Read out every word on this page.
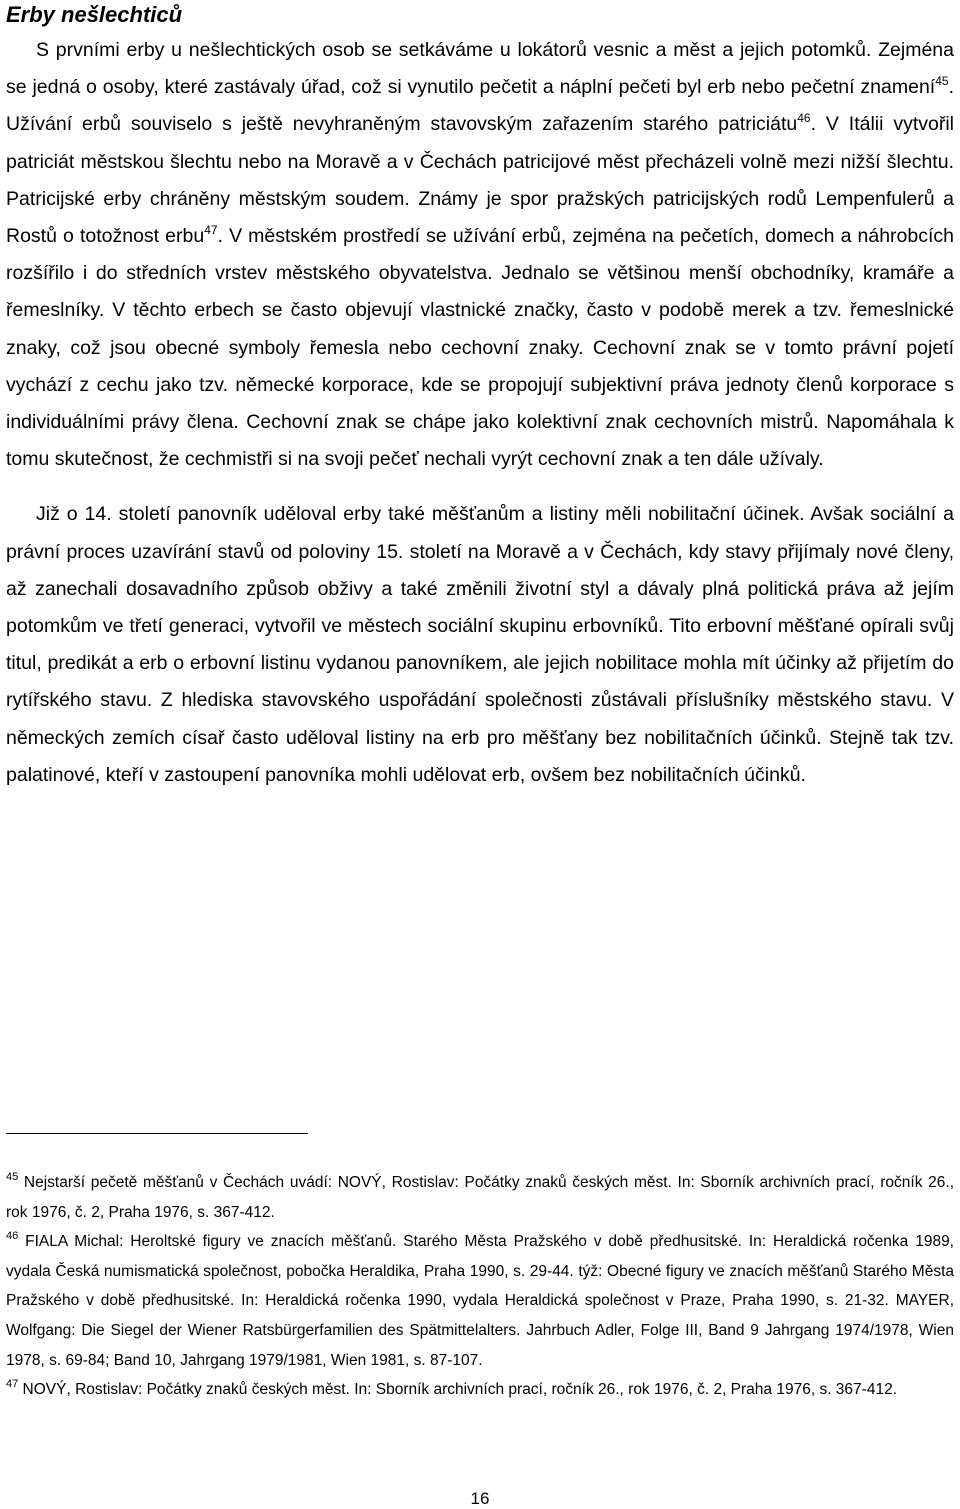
Erby nešlechticů

S prvními erby u nešlechtických osob se setkáváme u lokátorů vesnic a měst a jejich potomků. Zejména se jedná o osoby, které zastávaly úřad, což si vynutilo pečetit a náplní pečeti byl erb nebo pečetní znamení$^{45}$. Užívání erbů souviselo s ještě nevyhraněným stavovským zařazením starého patriciátu$^{46}$. V Itálii vytvořil patriciát městskou šlechtu nebo na Moravě a v Čechách patricijové měst přecházeli volně mezi nižší šlechtu. Patricijské erby chráněny městským soudem. Známy je spor pražských patricijských rodů Lempenfulerů a Rostů o totožnost erbu$^{47}$. V městském prostředí se užívání erbů, zejména na pečetích, domech a náhrobcích rozšířilo i do středních vrstev městského obyvatelstva. Jednalo se většinou menší obchodníky, kramáře a řemeslníky. V těchto erbech se často objevují vlastnické značky, často v podobě merek a tzv. řemeslnické znaky, což jsou obecné symboly řemesla nebo cechovní znaky. Cechovní znak se v tomto právní pojetí vychází z cechu jako tzv. německé korporace, kde se propojují subjektivní práva jednoty členů korporace s individuálními právy člena. Cechovní znak se chápe jako kolektivní znak cechovních mistrů. Napomáhala k tomu skutečnost, že cechmistři si na svoji pečeť nechali vyrýt cechovní znak a ten dále užívaly.

Již o 14. století panovník uděloval erby také měšťanům a listiny měli nobilitační účinek. Avšak sociální a právní proces uzavírání stavů od poloviny 15. století na Moravě a v Čechách, kdy stavy přijímaly nové členy, až zanechali dosavadního způsob obživy a také změnili životní styl a dávaly plná politická práva až jejím potomkům ve třetí generaci, vytvořil ve městech sociální skupinu erbovníků. Tito erbovní měšťané opírali svůj titul, predikát a erb o erbovní listinu vydanou panovníkem, ale jejich nobilitace mohla mít účinky až přijetím do rytířského stavu. Z hlediska stavovského uspořádání společnosti zůstávali příslušníky městského stavu. V německých zemích císař často uděloval listiny na erb pro měšťany bez nobilitačních účinků. Stejně tak tzv. palatinové, kteří v zastoupení panovníka mohli udělovat erb, ovšem bez nobilitačních účinků.

$^{45}$ Nejstarší pečetě měšťanů v Čechách uvádí: NOVÝ, Rostislav: Počátky znaků českých měst. In: Sborník archivních prací, ročník 26., rok 1976, č. 2, Praha 1976, s. 367-412.

$^{46}$ FIALA Michal: Heroltské figury ve znacích měšťanů. Starého Města Pražského v době předhusitské. In: Heraldická ročenka 1989, vydala Česká numismatická společnost, pobočka Heraldika, Praha 1990, s. 29-44. týž: Obecné figury ve znacích měšťanů Starého Města Pražského v době předhusitské. In: Heraldická ročenka 1990, vydala Heraldická společnost v Praze, Praha 1990, s. 21-32. MAYER, Wolfgang: Die Siegel der Wiener Ratsbürgerfamilien des Spätmittelalters. Jahrbuch Adler, Folge III, Band 9 Jahrgang 1974/1978, Wien 1978, s. 69-84; Band 10, Jahrgang 1979/1981, Wien 1981, s. 87-107.

$^{47}$ NOVÝ, Rostislav: Počátky znaků českých měst. In: Sborník archivních prací, ročník 26., rok 1976, č. 2, Praha 1976, s. 367-412.

16
